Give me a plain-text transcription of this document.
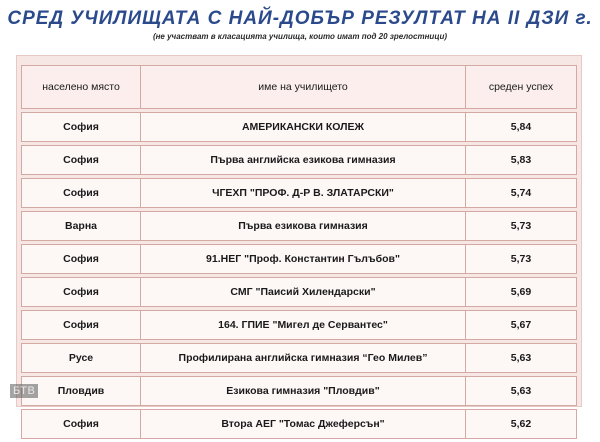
СРЕД УЧИЛИЩАТА С НАЙ-ДОБЪР РЕЗУЛТАТ НА II ДЗИ г.
(не участват в класацията училища, които имат под 20 зрелостници)
населено място	име на училището	среден успех
София	АМЕРИКАНСКИ КОЛЕЖ	5,84
София	Първа английска езикова гимназия	5,83
София	ЧГЕХП "ПРОФ. Д-Р В. ЗЛАТАРСКИ"	5,74
Варна	Първа езикова гимназия	5,73
София	91.НЕГ "Проф. Константин Гълъбов"	5,73
София	СМГ "Паисий Хилендарски"	5,69
София	164. ГПИЕ "Мигел де Сервантес"	5,67
Русе	Профилирана английска гимназия “Гео Милев”	5,63
Пловдив	Езикова гимназия "Пловдив"	5,63
София	Втора АЕГ "Томас Джеферсън"	5,62
БТВ
